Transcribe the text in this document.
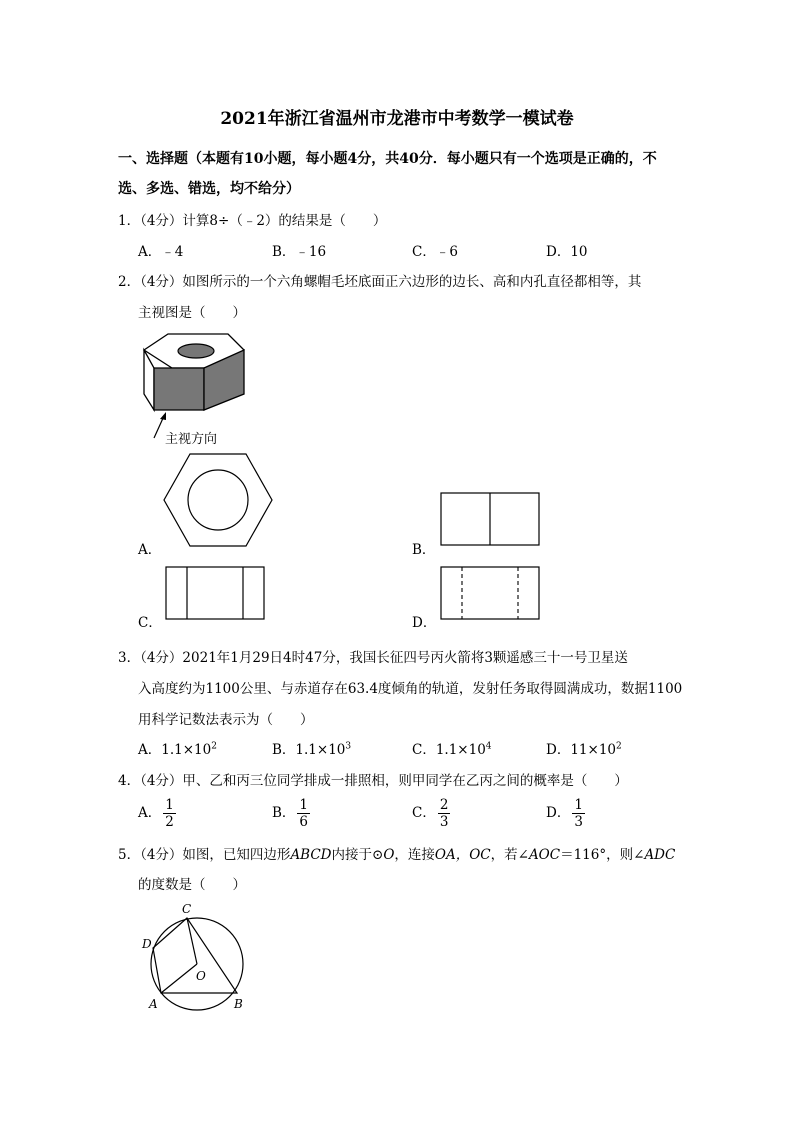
2021年浙江省温州市龙港市中考数学一模试卷
一、选择题（本题有10小题，每小题4分，共40分．每小题只有一个选项是正确的，不
选、多选、错选，均不给分）
1．（4分）计算8÷（﹣2）的结果是（　　）
A．﹣4	B．﹣16	C．﹣6	D．10
2．（4分）如图所示的一个六角螺帽毛坯底面正六边形的边长、高和内孔直径都相等，其
主视图是（　　）
主视方向
A．	B．
C．	D．
3．（4分）2021年1月29日4时47分，我国长征四号丙火箭将3颗遥感三十一号卫星送
入高度约为1100公里、与赤道存在63.4度倾角的轨道，发射任务取得圆满成功，数据1100
用科学记数法表示为（　　）
A．$1.1\times 10^2$	B．$1.1\times 10^3$	C．$1.1\times 10^4$	D．$11\times 10^2$
4．（4分）甲、乙和丙三位同学排成一排照相，则甲同学在乙丙之间的概率是（　　）
A． $\frac{1}{2}$	B． $\frac{1}{6}$	C． $\frac{2}{3}$	D． $\frac{1}{3}$
5．（4分）如图，已知四边形ABCD内接于⊙O，连接OA，OC，若∠AOC＝116°，则∠ADC
的度数是（　　）
C
D
O
A	B
